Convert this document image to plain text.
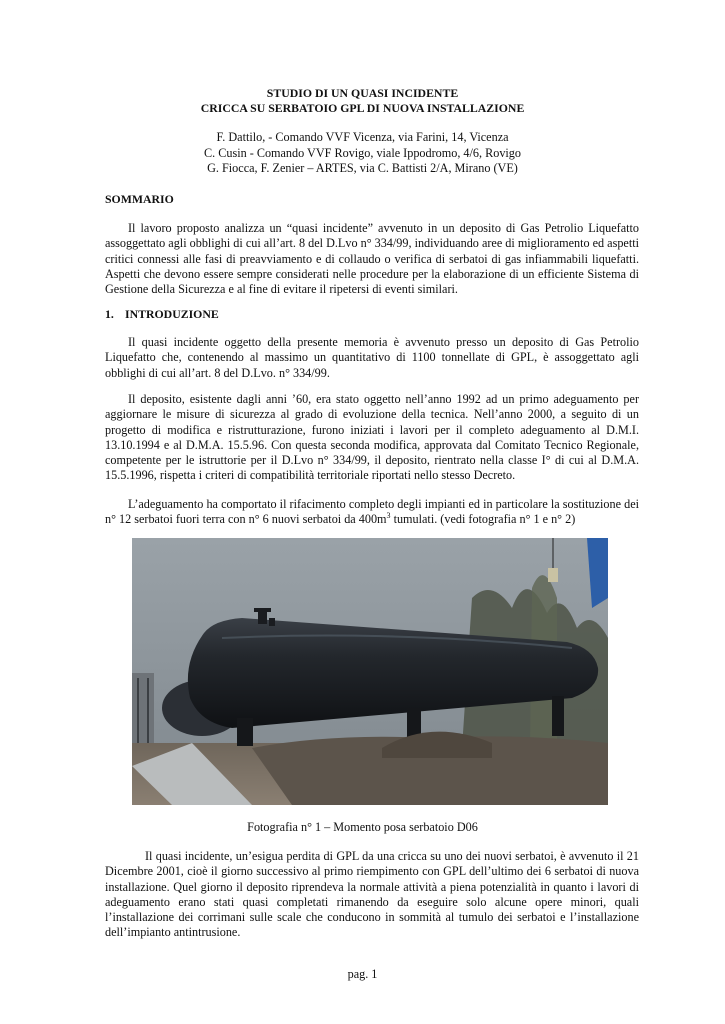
STUDIO DI UN QUASI INCIDENTE
CRICCA SU SERBATOIO GPL DI NUOVA INSTALLAZIONE
F. Dattilo, - Comando VVF Vicenza, via Farini, 14, Vicenza
C. Cusin - Comando VVF Rovigo, viale Ippodromo, 4/6, Rovigo
G. Fiocca, F. Zenier – ARTES, via C. Battisti 2/A, Mirano (VE)
SOMMARIO
Il lavoro proposto analizza un “quasi incidente” avvenuto in un deposito di Gas Petrolio Liquefatto assoggettato agli obblighi di cui all’art. 8 del D.Lvo n° 334/99, individuando aree di miglioramento ed aspetti critici connessi alle fasi di preavviamento e di collaudo o verifica di serbatoi di gas infiammabili liquefatti. Aspetti che devono essere sempre considerati nelle procedure per la elaborazione di un efficiente Sistema di Gestione della Sicurezza e al fine di evitare il ripetersi di eventi similari.
1. INTRODUZIONE
Il quasi incidente oggetto della presente memoria è avvenuto presso un deposito di Gas Petrolio Liquefatto che, contenendo al massimo un quantitativo di 1100 tonnellate di GPL, è assoggettato agli obblighi di cui all’art. 8 del D.Lvo. n° 334/99.
Il deposito, esistente dagli anni ’60, era stato oggetto nell’anno 1992 ad un primo adeguamento per aggiornare le misure di sicurezza al grado di evoluzione della tecnica. Nell’anno 2000, a seguito di un progetto di modifica e ristrutturazione, furono iniziati i lavori per il completo adeguamento al D.M.I. 13.10.1994 e al D.M.A. 15.5.96. Con questa seconda modifica, approvata dal Comitato Tecnico Regionale, competente per le istruttorie per il D.Lvo n° 334/99, il deposito, rientrato nella classe I° di cui al D.M.A. 15.5.1996, rispetta i criteri di compatibilità territoriale riportati nello stesso Decreto.
L’adeguamento ha comportato il rifacimento completo degli impianti ed in particolare la sostituzione dei n° 12 serbatoi fuori terra con n° 6 nuovi serbatoi da $400m^3$ tumulati. (vedi fotografia n° 1 e n° 2)
Fotografia n° 1 – Momento posa serbatoio D06
Il quasi incidente, un’esigua perdita di GPL da una cricca su uno dei nuovi serbatoi, è avvenuto il 21 Dicembre 2001, cioè il giorno successivo al primo riempimento con GPL dell’ultimo dei 6 serbatoi di nuova installazione. Quel giorno il deposito riprendeva la normale attività a piena potenzialità in quanto i lavori di adeguamento erano stati quasi completati rimanendo da eseguire solo alcune opere minori, quali l’installazione dei corrimani sulle scale che conducono in sommità al tumulo dei serbatoi e l’installazione dell’impianto antintrusione.
pag. 1
